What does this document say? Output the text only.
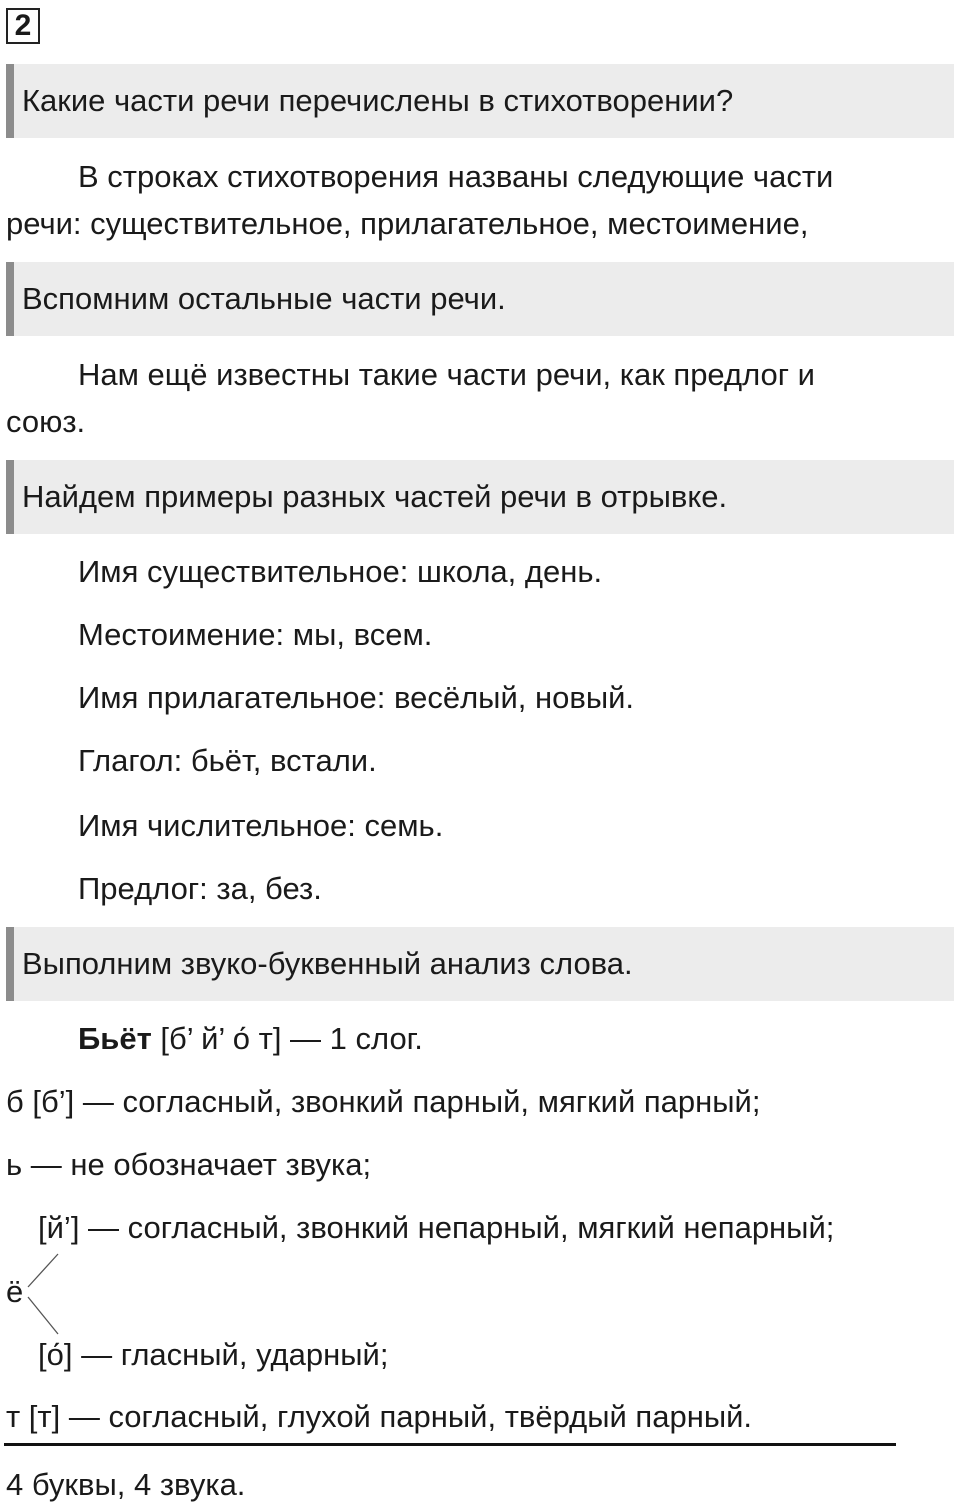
2
Какие части речи перечислены в стихотворении?
В строках стихотворения названы следующие части
речи: существительное, прилагательное, местоимение,
Вспомним остальные части речи.
Нам ещё известны такие части речи, как предлог и
союз.
Найдем примеры разных частей речи в отрывке.
Имя существительное: школа, день.
Местоимение: мы, всем.
Имя прилагательное: весёлый, новый.
Глагол: бьёт, встали.
Имя числительное: семь.
Предлог: за, без.
Выполним звуко-буквенный анализ слова.
Бьёт [б’ й’ о́ т] — 1 слог.
б [б’] — согласный, звонкий парный, мягкий парный;
ь — не обозначает звука;
[й’] — согласный, звонкий непарный, мягкий непарный;
ё
[о́] — гласный, ударный;
т [т] — согласный, глухой парный, твёрдый парный.
4 буквы, 4 звука.
